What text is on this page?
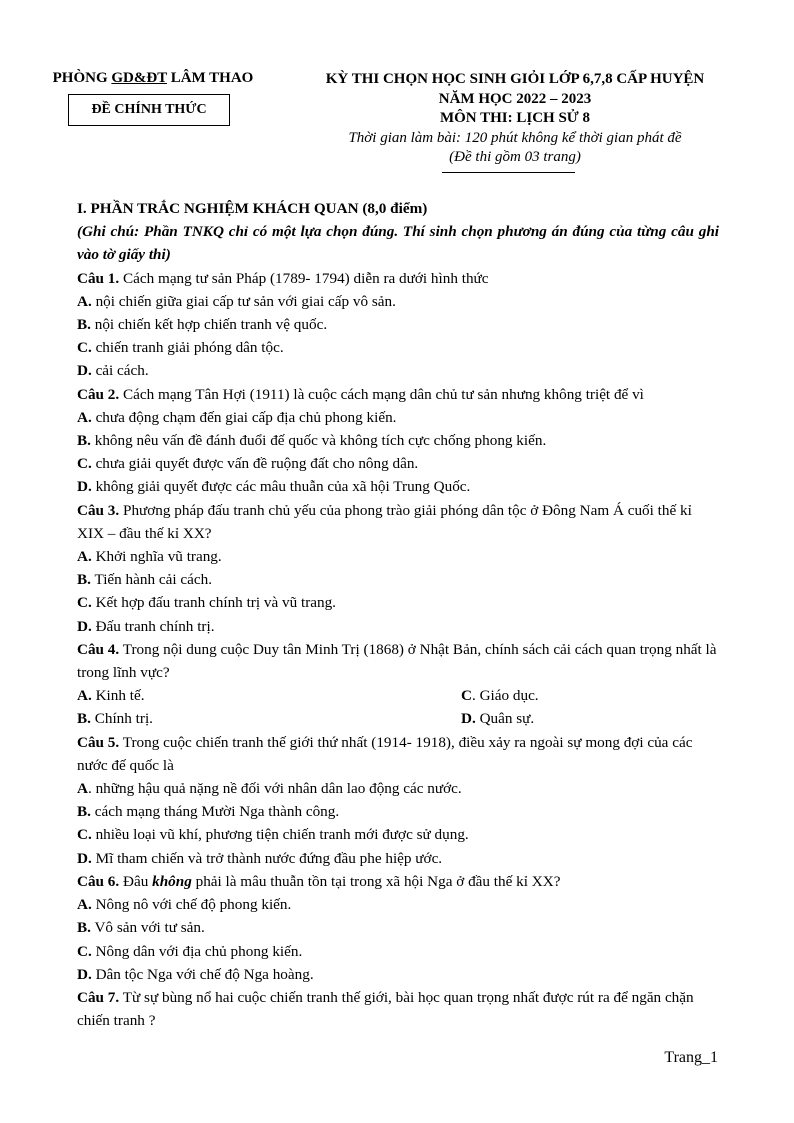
PHÒNG GD&ĐT LÂM THAO
ĐỀ CHÍNH THỨC
KỲ THI CHỌN HỌC SINH GIỎI LỚP 6,7,8 CẤP HUYỆN
NĂM HỌC 2022 – 2023
MÔN THI: LỊCH SỬ 8
Thời gian làm bài: 120 phút không kể thời gian phát đề
(Đề thi gồm 03 trang)

I. PHẦN TRẮC NGHIỆM KHÁCH QUAN (8,0 điểm)

(Ghi chú: Phần TNKQ chỉ có một lựa chọn đúng. Thí sinh chọn phương án đúng của từng câu ghi vào tờ giấy thi)

Câu 1. Cách mạng tư sản Pháp (1789- 1794) diễn ra dưới hình thức

A. nội chiến giữa giai cấp tư sản với giai cấp vô sản.

B. nội chiến kết hợp chiến tranh vệ quốc.

C. chiến tranh giải phóng dân tộc.

D. cải cách.

Câu 2. Cách mạng Tân Hợi (1911) là cuộc cách mạng dân chủ tư sản nhưng không triệt để vì

A. chưa động chạm đến giai cấp địa chủ phong kiến.

B. không nêu vấn đề đánh đuổi đế quốc và không tích cực chống phong kiến.

C. chưa giải quyết được vấn đề ruộng đất cho nông dân.

D. không giải quyết được các mâu thuẫn của xã hội Trung Quốc.

Câu 3. Phương pháp đấu tranh chủ yếu của phong trào giải phóng dân tộc ở Đông Nam Á cuối thế kỉ XIX – đầu thế kỉ XX?

A. Khởi nghĩa vũ trang.

B. Tiến hành cải cách.

C. Kết hợp đấu tranh chính trị và vũ trang.

D. Đấu tranh chính trị.

Câu 4. Trong nội dung cuộc Duy tân Minh Trị (1868) ở Nhật Bản, chính sách cải cách quan trọng nhất là trong lĩnh vực?

A. Kinh tế.	C. Giáo dục.
B. Chính trị.	D. Quân sự.

Câu 5. Trong cuộc chiến tranh thế giới thứ nhất (1914- 1918), điều xảy ra ngoài sự mong đợi của các nước đế quốc là

A. những hậu quả nặng nề đối với nhân dân lao động các nước.

B. cách mạng tháng Mười Nga thành công.

C. nhiều loại vũ khí, phương tiện chiến tranh mới được sử dụng.

D. Mĩ tham chiến và trở thành nước đứng đầu phe hiệp ước.

Câu 6. Đâu không phải là mâu thuẫn tồn tại trong xã hội Nga ở đầu thế kỉ XX?

A. Nông nô với chế độ phong kiến.

B. Vô sản với tư sản.

C. Nông dân với địa chủ phong kiến.

D. Dân tộc Nga với chế độ Nga hoàng.

Câu 7. Từ sự bùng nổ hai cuộc chiến tranh thế giới, bài học quan trọng nhất được rút ra để ngăn chặn chiến tranh ?

Trang_1
